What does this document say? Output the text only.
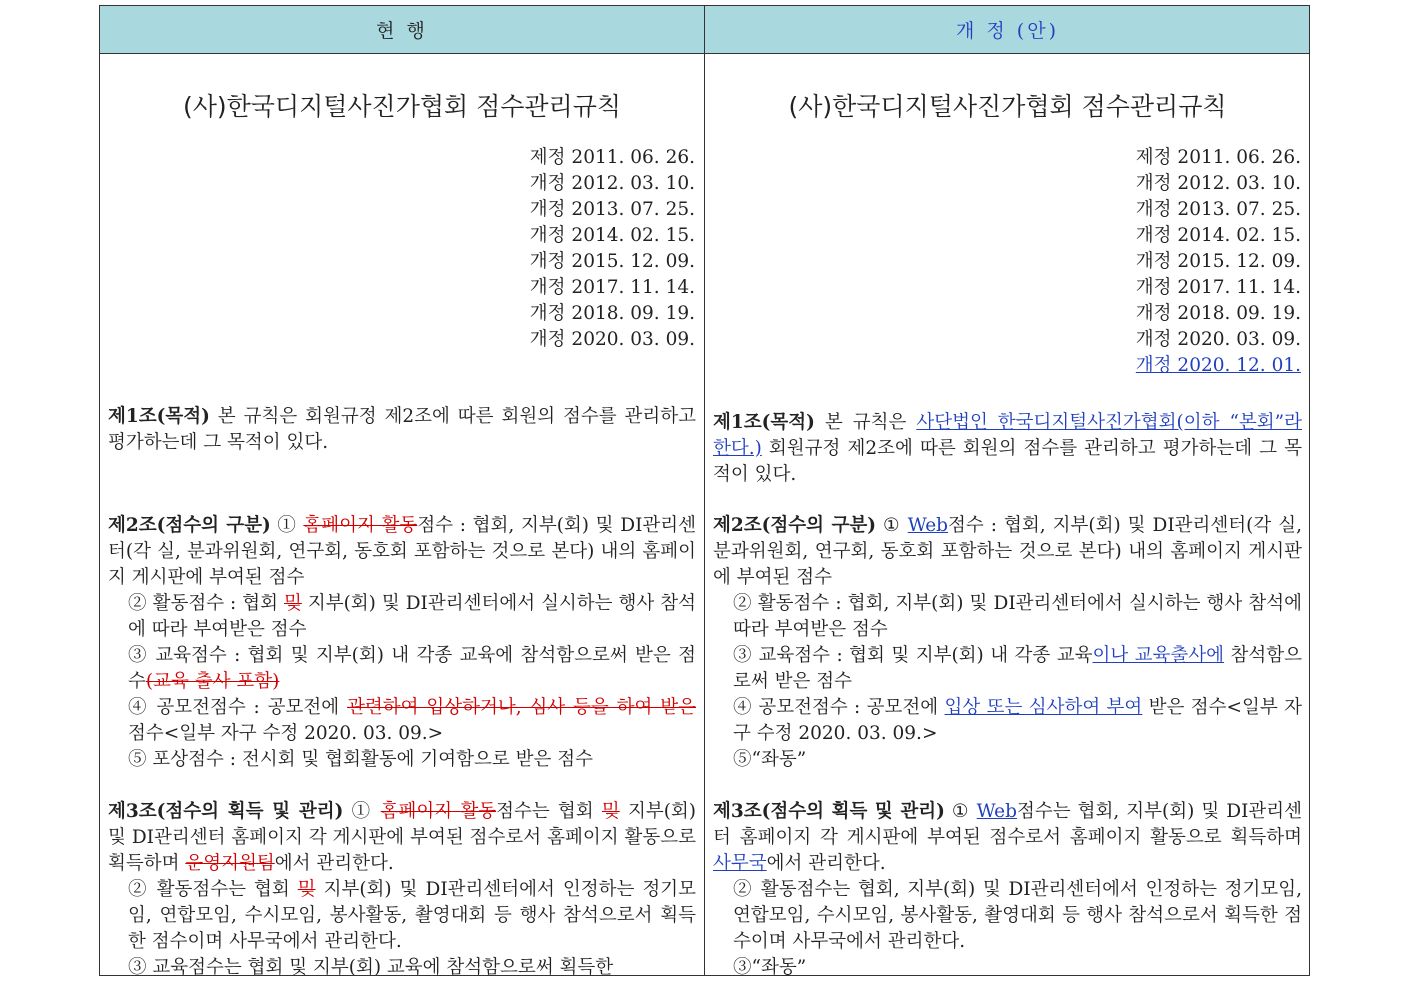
현 행
(사)한국디지털사진가협회 점수관리규칙
제정 2011. 06. 26.
개정 2012. 03. 10.
개정 2013. 07. 25.
개정 2014. 02. 15.
개정 2015. 12. 09.
개정 2017. 11. 14.
개정 2018. 09. 19.
개정 2020. 03. 09.
제1조(목적) 본 규칙은 회원규정 제2조에 따른 회원의 점수를 관리하고 평가하는데 그 목적이 있다.
제2조(점수의 구분) ① 홈페이지 활동점수 : 협회, 지부(회) 및 DI관리센터(각 실, 분과위원회, 연구회, 동호회 포함하는 것으로 본다) 내의 홈페이지 게시판에 부여된 점수
② 활동점수 : 협회 및 지부(회) 및 DI관리센터에서 실시하는 행사 참석에 따라 부여받은 점수
③ 교육점수 : 협회 및 지부(회) 내 각종 교육에 참석함으로써 받은 점수(교육 출사 포함)
④ 공모전점수 : 공모전에 관련하여 입상하거나, 심사 등을 하여 받은 점수<일부 자구 수정 2020. 03. 09.>
⑤ 포상점수 : 전시회 및 협회활동에 기여함으로 받은 점수
제3조(점수의 획득 및 관리) ① 홈페이지 활동점수는 협회 및 지부(회) 및 DI관리센터 홈페이지 각 게시판에 부여된 점수로서 홈페이지 활동으로 획득하며 운영지원팀에서 관리한다.
② 활동점수는 협회 및 지부(회) 및 DI관리센터에서 인정하는 정기모임, 연합모임, 수시모임, 봉사활동, 촬영대회 등 행사 참석으로서 획득한 점수이며 사무국에서 관리한다.
③ 교육점수는 협회 및 지부(회) 교육에 참석함으로써 획득한
개 정 (안)
(사)한국디지털사진가협회 점수관리규칙
제정 2011. 06. 26.
개정 2012. 03. 10.
개정 2013. 07. 25.
개정 2014. 02. 15.
개정 2015. 12. 09.
개정 2017. 11. 14.
개정 2018. 09. 19.
개정 2020. 03. 09.
개정 2020. 12. 01.
제1조(목적) 본 규칙은 사단법인 한국디지털사진가협회(이하 “본회”라 한다.) 회원규정 제2조에 따른 회원의 점수를 관리하고 평가하는데 그 목적이 있다.
제2조(점수의 구분) ① Web점수 : 협회, 지부(회) 및 DI관리센터(각 실, 분과위원회, 연구회, 동호회 포함하는 것으로 본다) 내의 홈페이지 게시판에 부여된 점수
② 활동점수 : 협회, 지부(회) 및 DI관리센터에서 실시하는 행사 참석에 따라 부여받은 점수
③ 교육점수 : 협회 및 지부(회) 내 각종 교육이나 교육출사에 참석함으로써 받은 점수
④ 공모전점수 : 공모전에 입상 또는 심사하여 부여 받은 점수<일부 자구 수정 2020. 03. 09.>
⑤“좌동”
제3조(점수의 획득 및 관리) ① Web점수는 협회, 지부(회) 및 DI관리센터 홈페이지 각 게시판에 부여된 점수로서 홈페이지 활동으로 획득하며 사무국에서 관리한다.
② 활동점수는 협회, 지부(회) 및 DI관리센터에서 인정하는 정기모임, 연합모임, 수시모임, 봉사활동, 촬영대회 등 행사 참석으로서 획득한 점수이며 사무국에서 관리한다.
③“좌동”
